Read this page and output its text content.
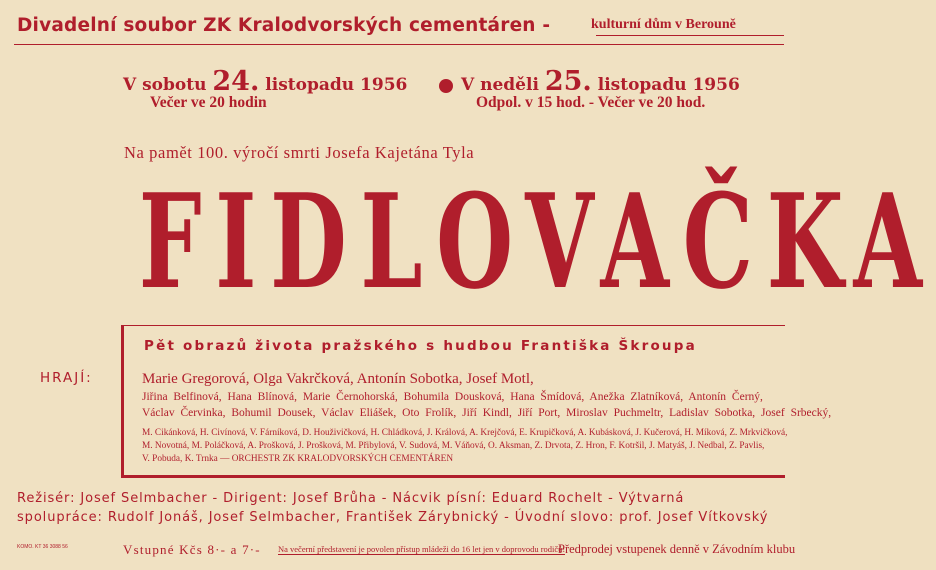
Divadelní soubor ZK Kralodvorských cementáren -	kulturní dům v Berouně
V sobotu 24. listopadu 1956
Večer ve 20 hodin
V neděli 25. listopadu 1956
Odpol. v 15 hod. - Večer ve 20 hod.
Na pamět 100. výročí smrti Josefa Kajetána Tyla
FIDLOVAČKA
Pět obrazů života pražského s hudbou Františka Škroupa
HRAJÍ:	Marie Gregorová, Olga Vakrčková, Antonín Sobotka, Josef Motl,
Jiřina Belfinová, Hana Blínová, Marie Černohorská, Bohumila Dousková, Hana Šmídová, Anežka Zlatníková, Antonín Černý,
Václav Červinka, Bohumil Dousek, Václav Eliášek, Oto Frolík, Jiří Kindl, Jiří Port, Miroslav Puchmeltr, Ladislav Sobotka, Josef Srbecký,
M. Cikánková, H. Civínová, V. Fárníková, D. Houživičková, H. Chládková, J. Králová, A. Krejčová, E. Krupičková, A. Kubásková, J. Kučerová, H. Míková, Z. Mrkvičková,
M. Novotná, M. Poláčková, A. Prošková, J. Prošková, M. Přibylová, V. Sudová, M. Váňová, O. Aksman, Z. Drvota, Z. Hron, F. Kotršil, J. Matyáš, J. Nedbal, Z. Pavlis,
V. Pobuda, K. Trnka — ORCHESTR ZK KRALODVORSKÝCH CEMENTÁREN
Režisér: Josef Selmbacher - Dirigent: Josef Brůha - Nácvik písní: Eduard Rochelt - Výtvarná
spolupráce: Rudolf Jonáš, Josef Selmbacher, František Zárybnický - Úvodní slovo: prof. Josef Vítkovský
KOMO. KT 36 3088 56	Vstupné Kčs 8·- a 7·- Na večerní představení je povolen přístup mládeži do 16 let jen v doprovodu rodičů!
Předprodej vstupenek denně v Závodním klubu
